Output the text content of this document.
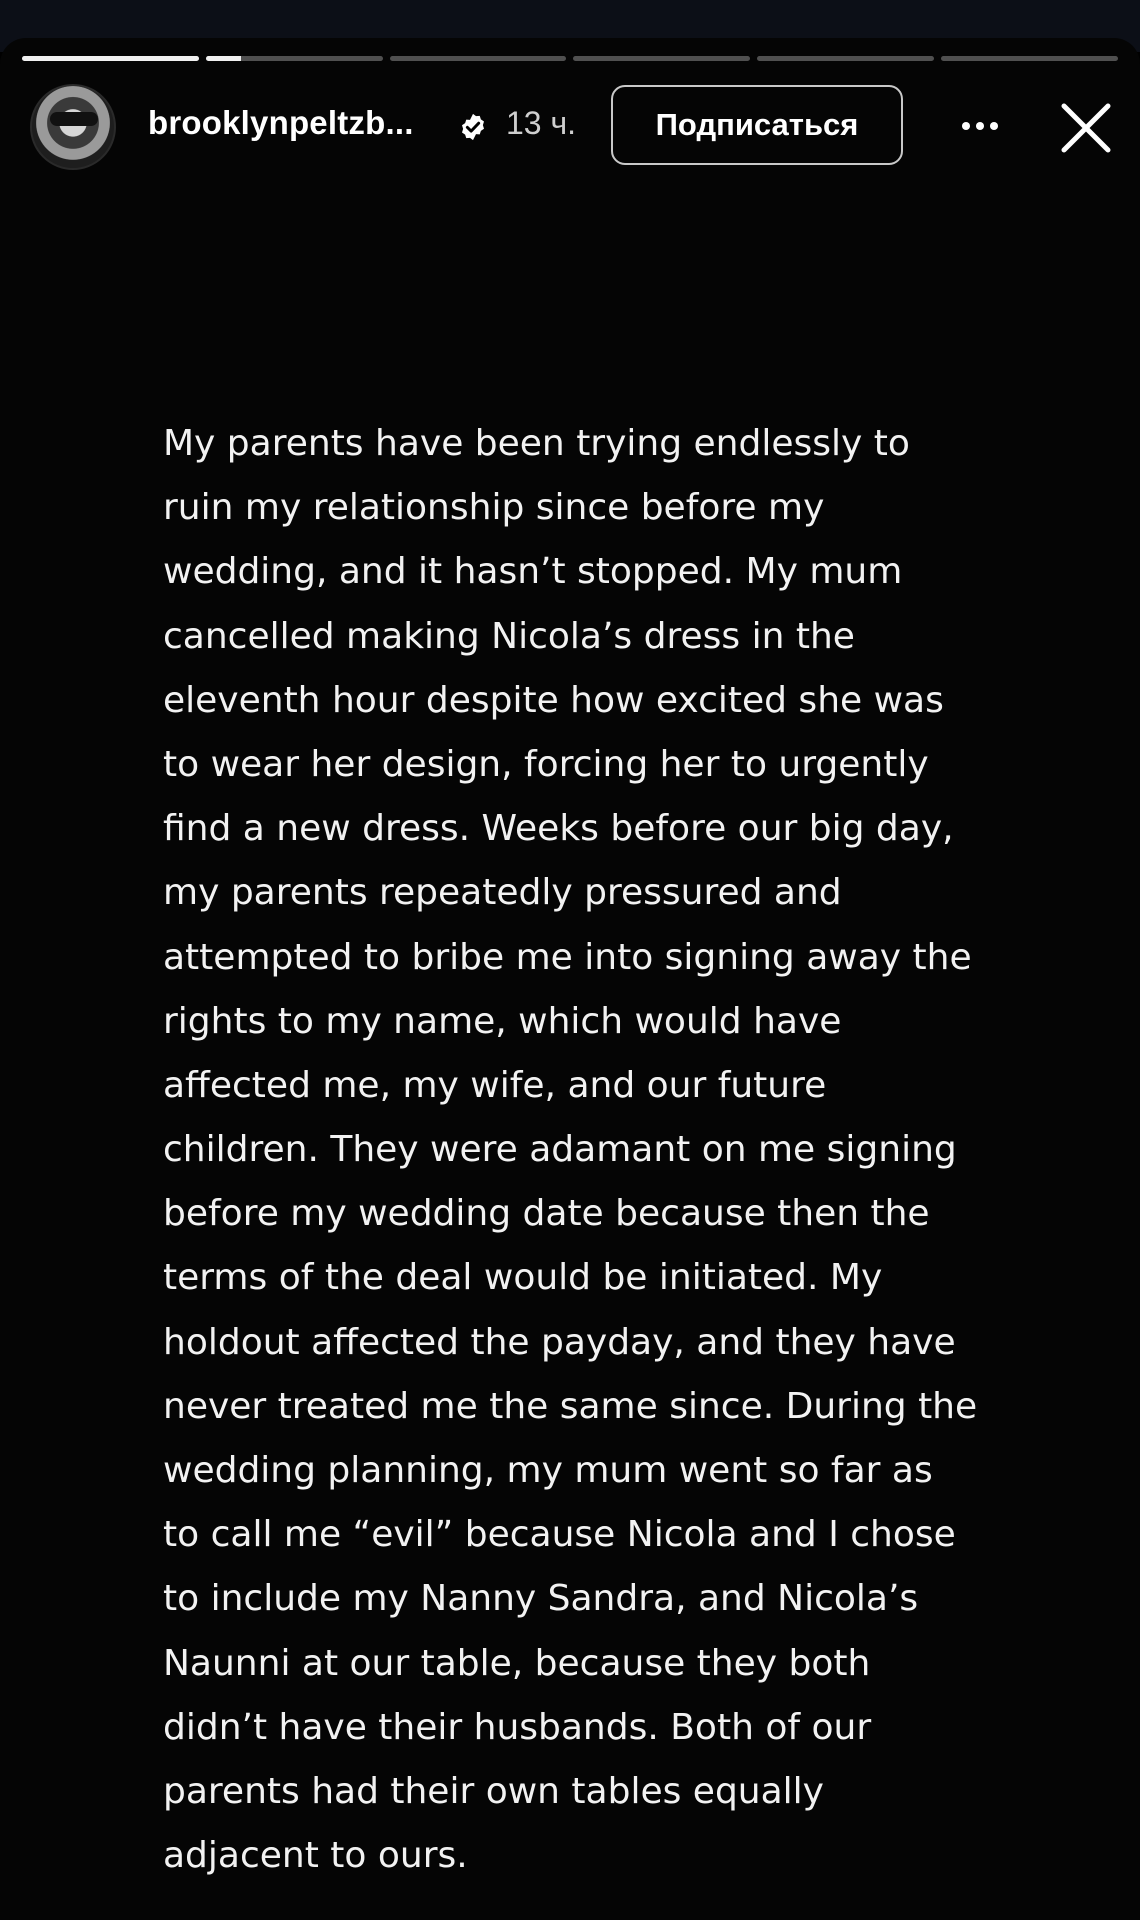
brooklynpeltzb...	13 ч.	Подписаться
My parents have been trying endlessly to
ruin my relationship since before my
wedding, and it hasn’t stopped. My mum
cancelled making Nicola’s dress in the
eleventh hour despite how excited she was
to wear her design, forcing her to urgently
find a new dress. Weeks before our big day,
my parents repeatedly pressured and
attempted to bribe me into signing away the
rights to my name, which would have
affected me, my wife, and our future
children. They were adamant on me signing
before my wedding date because then the
terms of the deal would be initiated. My
holdout affected the payday, and they have
never treated me the same since. During the
wedding planning, my mum went so far as
to call me “evil” because Nicola and I chose
to include my Nanny Sandra, and Nicola’s
Naunni at our table, because they both
didn’t have their husbands. Both of our
parents had their own tables equally
adjacent to ours.
